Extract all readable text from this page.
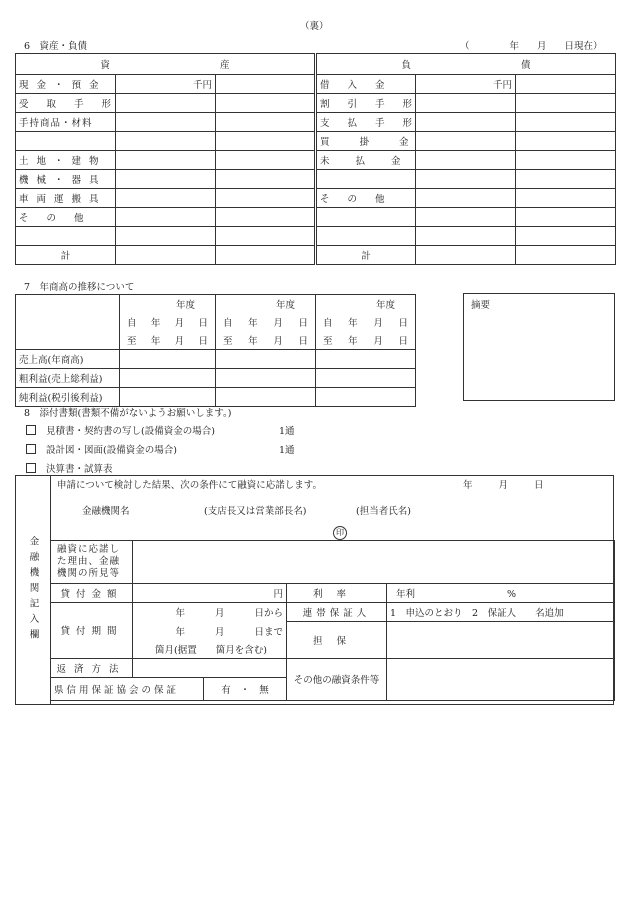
（裏）
6　資産・負債	（	年 月 日現在）
資 産			負 債		
現金・預金	千円		借入金	千円	
受取手形			割引手形		
手持商品・材料			支払手形		
			買掛金		
土地・建物			未払金		
機械・器具					
車両運搬具			その他		
その他					

計			計		
7　年商高の推移について
	年度	年度	年度

	自 年 月 日	自 年 月 日	自 年 月 日

	至 年 月 日	至 年 月 日	至 年 月 日

売上高(年商高)			
粗利益(売上総利益)			
純利益(税引後利益)			
摘要
8　添付書類(書類不備がないようお願いします。)
見積書・契約書の写し(設備資金の場合)	1通
設計図・図面(設備資金の場合)	1通
決算書・試算表
金融機関記入欄
申請について検討した結果、次の条件にて融資に応諾します。	年	月	日
金融機関名	(支店長又は営業部長名)	(担当者氏名)
印
融資に応諾した理由、金融機関の所見等				
貸付金額	円		利率	年利 %
貸付期間	年 月 日から		連帯保証人	1　申込のとおり　2　保証人　　名追加
	年 月 日まで		担保	
	箇月(据置　　箇月を含む)			
返済方法			その他の融資条件等	
県信用保証協会の保証		有　・　無		
